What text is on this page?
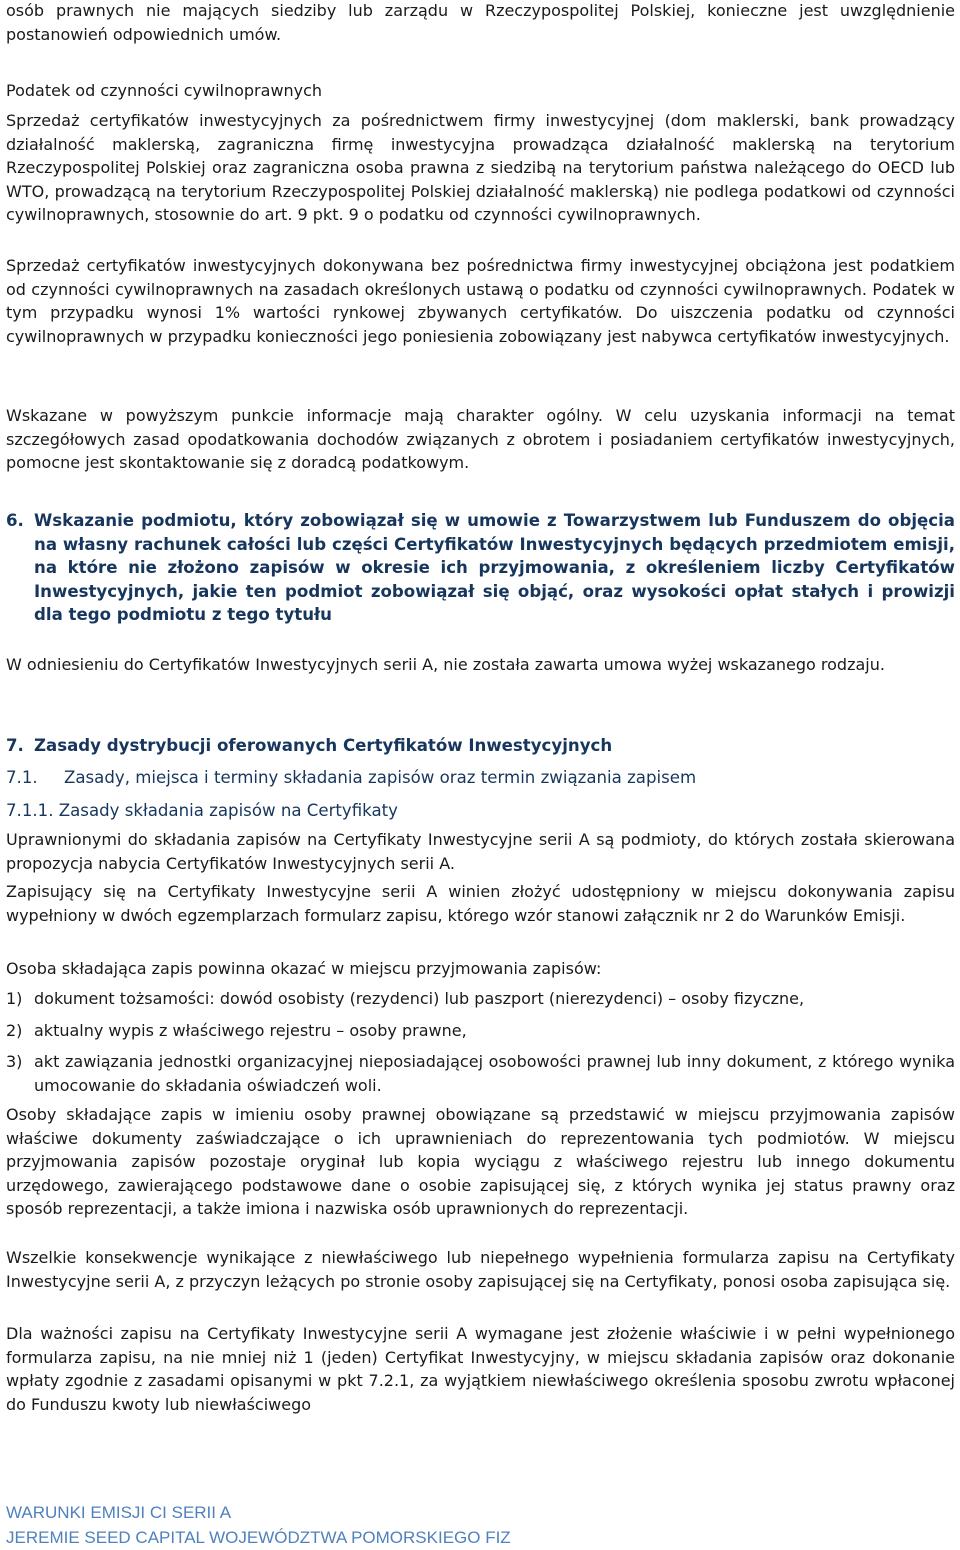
osób prawnych nie mających siedziby lub zarządu w Rzeczypospolitej Polskiej, konieczne jest uwzględnienie postanowień odpowiednich umów.

Podatek od czynności cywilnoprawnych

Sprzedaż certyfikatów inwestycyjnych za pośrednictwem firmy inwestycyjnej (dom maklerski, bank prowadzący działalność maklerską, zagraniczna firmę inwestycyjna prowadząca działalność maklerską na terytorium Rzeczypospolitej Polskiej oraz zagraniczna osoba prawna z siedzibą na terytorium państwa należącego do OECD lub WTO, prowadzącą na terytorium Rzeczypospolitej Polskiej działalność maklerską) nie podlega podatkowi od czynności cywilnoprawnych, stosownie do art. 9 pkt. 9 o podatku od czynności cywilnoprawnych.

Sprzedaż certyfikatów inwestycyjnych dokonywana bez pośrednictwa firmy inwestycyjnej obciążona jest podatkiem od czynności cywilnoprawnych na zasadach określonych ustawą o podatku od czynności cywilnoprawnych. Podatek w tym przypadku wynosi 1% wartości rynkowej zbywanych certyfikatów. Do uiszczenia podatku od czynności cywilnoprawnych w przypadku konieczności jego poniesienia zobowiązany jest nabywca certyfikatów inwestycyjnych.

Wskazane w powyższym punkcie informacje mają charakter ogólny. W celu uzyskania informacji na temat szczegółowych zasad opodatkowania dochodów związanych z obrotem i posiadaniem certyfikatów inwestycyjnych, pomocne jest skontaktowanie się z doradcą podatkowym.

6. Wskazanie podmiotu, który zobowiązał się w umowie z Towarzystwem lub Funduszem do objęcia na własny rachunek całości lub części Certyfikatów Inwestycyjnych będących przedmiotem emisji, na które nie złożono zapisów w okresie ich przyjmowania, z określeniem liczby Certyfikatów Inwestycyjnych, jakie ten podmiot zobowiązał się objąć, oraz wysokości opłat stałych i prowizji dla tego podmiotu z tego tytułu

W odniesieniu do Certyfikatów Inwestycyjnych serii A, nie została zawarta umowa wyżej wskazanego rodzaju.

7. Zasady dystrybucji oferowanych Certyfikatów Inwestycyjnych
7.1.	Zasady, miejsca i terminy składania zapisów oraz termin związania zapisem

7.1.1. Zasady składania zapisów na Certyfikaty

Uprawnionymi do składania zapisów na Certyfikaty Inwestycyjne serii A są podmioty, do których została skierowana propozycja nabycia Certyfikatów Inwestycyjnych serii A.

Zapisujący się na Certyfikaty Inwestycyjne serii A winien złożyć udostępniony w miejscu dokonywania zapisu wypełniony w dwóch egzemplarzach formularz zapisu, którego wzór stanowi załącznik nr 2 do Warunków Emisji.

Osoba składająca zapis powinna okazać w miejscu przyjmowania zapisów:

1) dokument tożsamości: dowód osobisty (rezydenci) lub paszport (nierezydenci) – osoby fizyczne,
2) aktualny wypis z właściwego rejestru – osoby prawne,
3) akt zawiązania jednostki organizacyjnej nieposiadającej osobowości prawnej lub inny dokument, z którego wynika umocowanie do składania oświadczeń woli.

Osoby składające zapis w imieniu osoby prawnej obowiązane są przedstawić w miejscu przyjmowania zapisów właściwe dokumenty zaświadczające o ich uprawnieniach do reprezentowania tych podmiotów. W miejscu przyjmowania zapisów pozostaje oryginał lub kopia wyciągu z właściwego rejestru lub innego dokumentu urzędowego, zawierającego podstawowe dane o osobie zapisującej się, z których wynika jej status prawny oraz sposób reprezentacji, a także imiona i nazwiska osób uprawnionych do reprezentacji.

Wszelkie konsekwencje wynikające z niewłaściwego lub niepełnego wypełnienia formularza zapisu na Certyfikaty Inwestycyjne serii A, z przyczyn leżących po stronie osoby zapisującej się na Certyfikaty, ponosi osoba zapisująca się.

Dla ważności zapisu na Certyfikaty Inwestycyjne serii A wymagane jest złożenie właściwie i w pełni wypełnionego formularza zapisu, na nie mniej niż 1 (jeden) Certyfikat Inwestycyjny, w miejscu składania zapisów oraz dokonanie wpłaty zgodnie z zasadami opisanymi w pkt 7.2.1, za wyjątkiem niewłaściwego określenia sposobu zwrotu wpłaconej do Funduszu kwoty lub niewłaściwego

WARUNKI EMISJI CI SERII A
JEREMIE SEED CAPITAL WOJEWÓDZTWA POMORSKIEGO FIZ
